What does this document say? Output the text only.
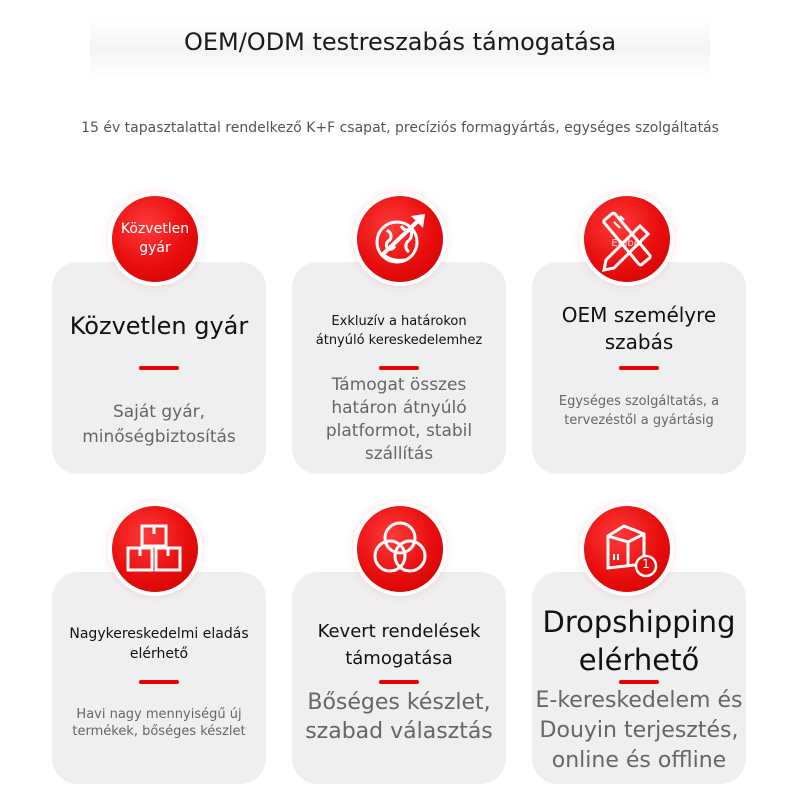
OEM/ODM testreszabás támogatása
15 év tapasztalattal rendelkező K+F csapat, precíziós formagyártás, egységes szolgáltatás
Közvetlen gyár
Közvetlen gyár
Saját gyár, minőségbiztosítás
Exkluzív a határokon átnyúló kereskedelemhez
Támogat összes határon átnyúló platformot, stabil szállítás
Embel
OEM személyre szabás
Egységes szolgáltatás, a tervezéstől a gyártásig
Nagykereskedelmi eladás elérhető
Havi nagy mennyiségű új termékek, bőséges készlet
Kevert rendelések támogatása
Bőséges készlet, szabad választás
1
Dropshipping elérhető
E-kereskedelem és Douyin terjesztés, online és offline
